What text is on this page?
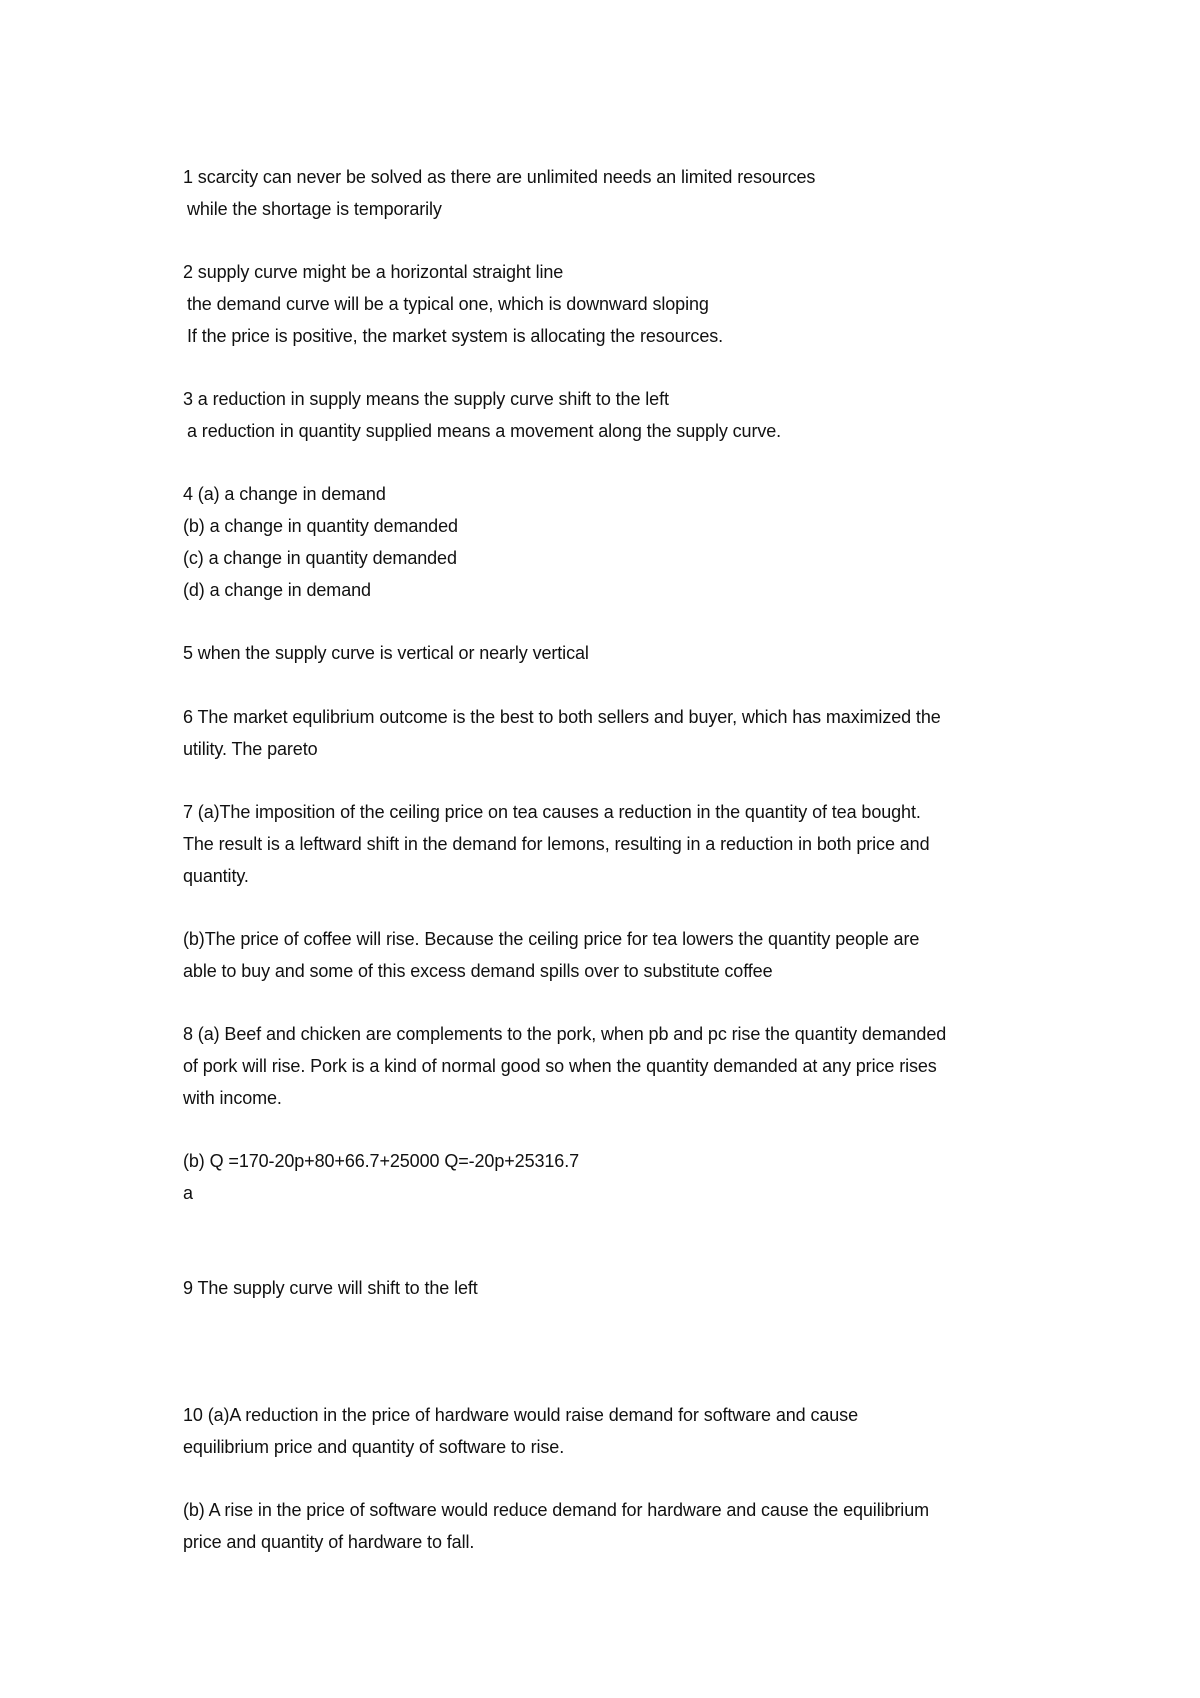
1 scarcity can never be solved as there are unlimited needs an limited resources
while the shortage is temporarily
2 supply curve might be a horizontal straight line
the demand curve will be a typical one, which is downward sloping
If the price is positive, the market system is allocating the resources.
3 a reduction in supply means the supply curve shift to the left
a reduction in quantity supplied means a movement along the supply curve.
4 (a) a change in demand
(b) a change in quantity demanded
(c) a change in quantity demanded
(d) a change in demand
5 when the supply curve is vertical or nearly vertical
6 The market equlibrium outcome is the best to both sellers and buyer, which has maximized the
utility. The pareto
7 (a)The imposition of the ceiling price on tea causes a reduction in the quantity of tea bought.
The result is a leftward shift in the demand for lemons, resulting in a reduction in both price and
quantity.
(b)The price of coffee will rise. Because the ceiling price for tea lowers the quantity people are
able to buy and some of this excess demand spills over to substitute coffee
8 (a) Beef and chicken are complements to the pork, when pb and pc rise the quantity demanded
of pork will rise. Pork is a kind of normal good so when the quantity demanded at any price rises
with income.
(b) Q =170-20p+80+66.7+25000 Q=-20p+25316.7
a
9 The supply curve will shift to the left
10 (a)A reduction in the price of hardware would raise demand for software and cause
equilibrium price and quantity of software to rise.
(b) A rise in the price of software would reduce demand for hardware and cause the equilibrium
price and quantity of hardware to fall.
